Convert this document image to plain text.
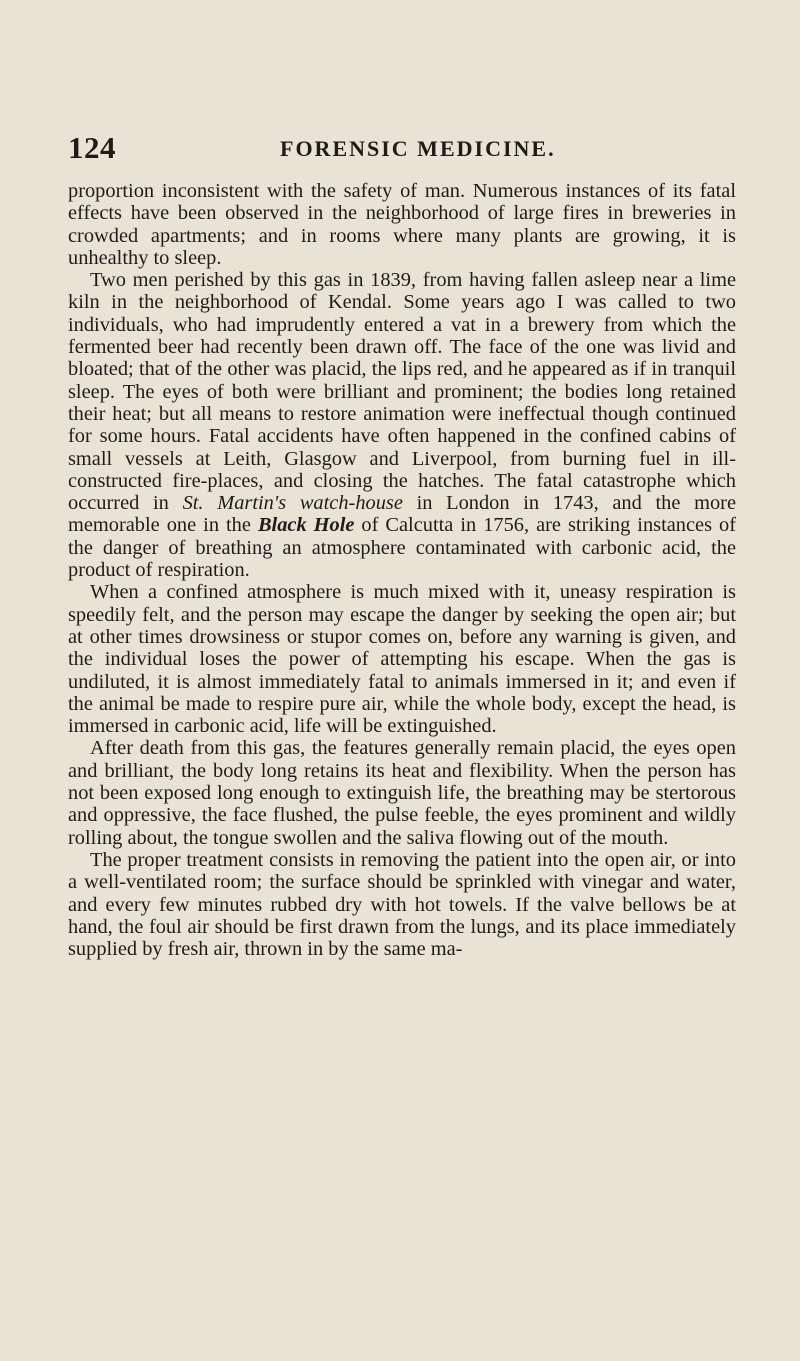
124	FORENSIC MEDICINE.

proportion inconsistent with the safety of man. Numerous instances of its fatal effects have been observed in the neighborhood of large fires in breweries in crowded apartments; and in rooms where many plants are growing, it is unhealthy to sleep.

Two men perished by this gas in 1839, from having fallen asleep near a lime kiln in the neighborhood of Kendal. Some years ago I was called to two individuals, who had imprudently entered a vat in a brewery from which the fermented beer had recently been drawn off. The face of the one was livid and bloated; that of the other was placid, the lips red, and he appeared as if in tranquil sleep. The eyes of both were brilliant and prominent; the bodies long retained their heat; but all means to restore animation were ineffectual though continued for some hours. Fatal accidents have often happened in the confined cabins of small vessels at Leith, Glasgow and Liverpool, from burning fuel in ill-constructed fire-places, and closing the hatches. The fatal catastrophe which occurred in St. Martin's watch-house in London in 1743, and the more memorable one in the Black Hole of Calcutta in 1756, are striking instances of the danger of breathing an atmosphere contaminated with carbonic acid, the product of respiration.

When a confined atmosphere is much mixed with it, uneasy respiration is speedily felt, and the person may escape the danger by seeking the open air; but at other times drowsiness or stupor comes on, before any warning is given, and the individual loses the power of attempting his escape. When the gas is undiluted, it is almost immediately fatal to animals immersed in it; and even if the animal be made to respire pure air, while the whole body, except the head, is immersed in carbonic acid, life will be extinguished.

After death from this gas, the features generally remain placid, the eyes open and brilliant, the body long retains its heat and flexibility. When the person has not been exposed long enough to extinguish life, the breathing may be stertorous and oppressive, the face flushed, the pulse feeble, the eyes prominent and wildly rolling about, the tongue swollen and the saliva flowing out of the mouth.

The proper treatment consists in removing the patient into the open air, or into a well-ventilated room; the surface should be sprinkled with vinegar and water, and every few minutes rubbed dry with hot towels. If the valve bellows be at hand, the foul air should be first drawn from the lungs, and its place immediately supplied by fresh air, thrown in by the same ma-
